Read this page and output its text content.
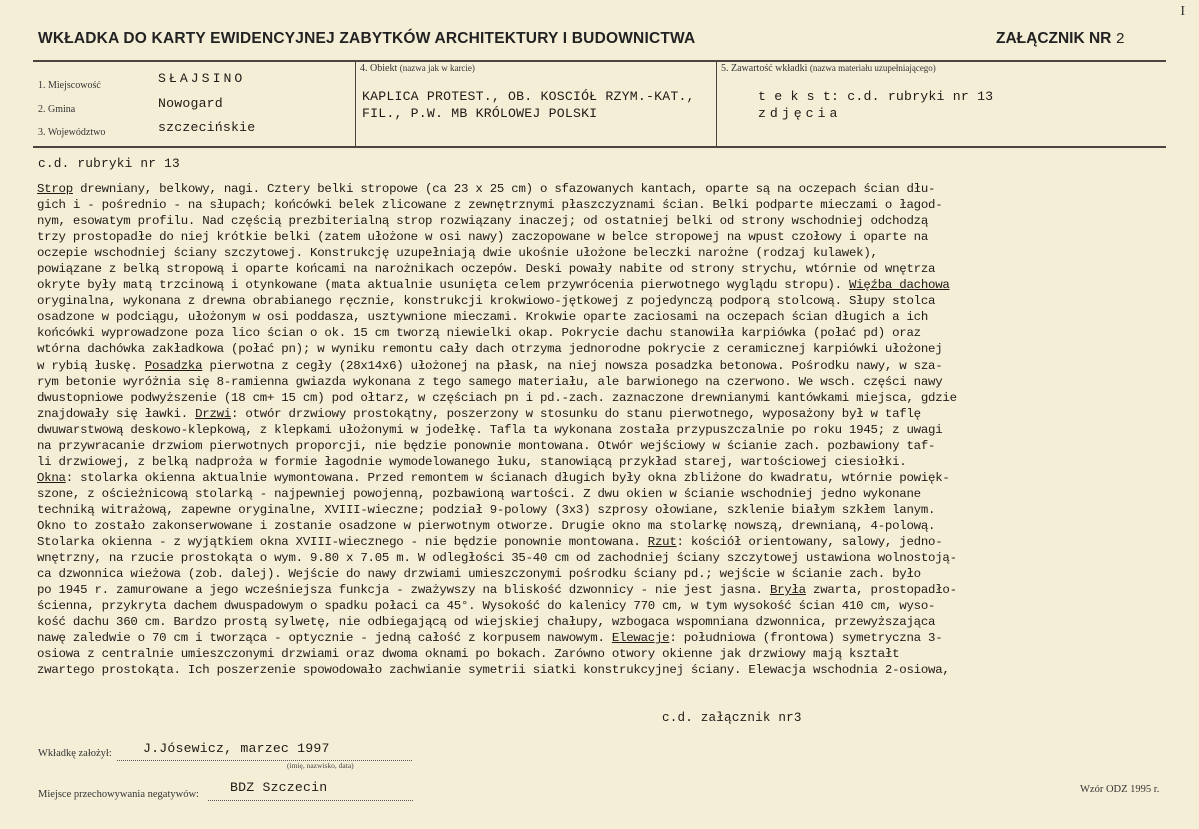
I
WKŁADKA DO KARTY EWIDENCYJNEJ ZABYTKÓW ARCHITEKTURY I BUDOWNICTWA	ZAŁĄCZNIK NR 2
1. Miejscowość	SŁAJSINO
2. Gmina	Nowogard
3. Województwo	szczecińskie
4. Obiekt (nazwa jak w karcie)
KAPLICA PROTEST., OB. KOSCIÓŁ RZYM.-KAT.,
FIL., P.W. MB KRÓLOWEJ POLSKI
5. Zawartość wkładki (nazwa materiału uzupełniającego)
t e k s t: c.d. rubryki nr 13
zdjęcia
c.d. rubryki nr 13
Strop drewniany, belkowy, nagi. Cztery belki stropowe (ca 23 x 25 cm) o sfazowanych kantach, oparte są na oczepach ścian dłu-
gich i - pośrednio - na słupach; końcówki belek zlicowane z zewnętrznymi płaszczyznami ścian. Belki podparte mieczami o łagod-
nym, esowatym profilu. Nad częścią prezbiterialną strop rozwiązany inaczej; od ostatniej belki od strony wschodniej odchodzą
trzy prostopadłe do niej krótkie belki (zatem ułożone w osi nawy) zaczopowane w belce stropowej na wpust czołowy i oparte na
oczepie wschodniej ściany szczytowej. Konstrukcję uzupełniają dwie ukośnie ułożone beleczki narożne (rodzaj kulawek),
powiązane z belką stropową i oparte końcami na narożnikach oczepów. Deski powały nabite od strony strychu, wtórnie od wnętrza
okryte były matą trzcinową i otynkowane (mata aktualnie usunięta celem przywrócenia pierwotnego wyglądu stropu). Więźba dachowa
oryginalna, wykonana z drewna obrabianego ręcznie, konstrukcji krokwiowo-jętkowej z pojedynczą podporą stolcową. Słupy stolca
osadzone w podciągu, ułożonym w osi poddasza, usztywnione mieczami. Krokwie oparte zaciosami na oczepach ścian długich a ich
końcówki wyprowadzone poza lico ścian o ok. 15 cm tworzą niewielki okap. Pokrycie dachu stanowiła karpiówka (połać pd) oraz
wtórna dachówka zakładkowa (połać pn); w wyniku remontu cały dach otrzyma jednorodne pokrycie z ceramicznej karpiówki ułożonej
w rybią łuskę. Posadzka pierwotna z cegły (28x14x6) ułożonej na płask, na niej nowsza posadzka betonowa. Pośrodku nawy, w sza-
rym betonie wyróżnia się 8-ramienna gwiazda wykonana z tego samego materiału, ale barwionego na czerwono. We wsch. części nawy
dwustopniowe podwyższenie (18 cm+ 15 cm) pod ołtarz, w częściach pn i pd.-zach. zaznaczone drewnianymi kantówkami miejsca, gdzie
znajdowały się ławki. Drzwi: otwór drzwiowy prostokątny, poszerzony w stosunku do stanu pierwotnego, wyposażony był w taflę
dwuwarstwową deskowo-klepkową, z klepkami ułożonymi w jodełkę. Tafla ta wykonana została przypuszczalnie po roku 1945; z uwagi
na przywracanie drzwiom pierwotnych proporcji, nie będzie ponownie montowana. Otwór wejściowy w ścianie zach. pozbawiony taf-
li drzwiowej, z belką nadproża w formie łagodnie wymodelowanego łuku, stanowiącą przykład starej, wartościowej ciesiołki.
Okna: stolarka okienna aktualnie wymontowana. Przed remontem w ścianach długich były okna zbliżone do kwadratu, wtórnie powięk-
szone, z ościeżnicową stolarką - najpewniej powojenną, pozbawioną wartości. Z dwu okien w ścianie wschodniej jedno wykonane
techniką witrażową, zapewne oryginalne, XVIII-wieczne; podział 9-polowy (3x3) szprosy ołowiane, szklenie białym szkłem lanym.
Okno to zostało zakonserwowane i zostanie osadzone w pierwotnym otworze. Drugie okno ma stolarkę nowszą, drewnianą, 4-polową.
Stolarka okienna - z wyjątkiem okna XVIII-wiecznego - nie będzie ponownie montowana. Rzut: kościół orientowany, salowy, jedno-
wnętrzny, na rzucie prostokąta o wym. 9.80 x 7.05 m. W odległości 35-40 cm od zachodniej ściany szczytowej ustawiona wolnostoją-
ca dzwonnica wieżowa (zob. dalej). Wejście do nawy drzwiami umieszczonymi pośrodku ściany pd.; wejście w ścianie zach. było
po 1945 r. zamurowane a jego wcześniejsza funkcja - zważywszy na bliskość dzwonnicy - nie jest jasna. Bryła zwarta, prostopadło-
ścienna, przykryta dachem dwuspadowym o spadku połaci ca 45°. Wysokość do kalenicy 770 cm, w tym wysokość ścian 410 cm, wyso-
kość dachu 360 cm. Bardzo prostą sylwetę, nie odbiegającą od wiejskiej chałupy, wzbogaca wspomniana dzwonnica, przewyższająca
nawę zaledwie o 70 cm i tworząca - optycznie - jedną całość z korpusem nawowym. Elewacje: południowa (frontowa) symetryczna 3-
osiowa z centralnie umieszczonymi drzwiami oraz dwoma oknami po bokach. Zarówno otwory okienne jak drzwiowy mają kształt
zwartego prostokąta. Ich poszerzenie spowodowało zachwianie symetrii siatki konstrukcyjnej ściany. Elewacja wschodnia 2-osiowa,
c.d. załącznik nr3
Wkładkę założył: J.Jósewicz, marzec 1997
(imię, nazwisko, data)
Miejsce przechowywania negatywów: BDZ Szczecin	Wzór ODZ 1995 r.
